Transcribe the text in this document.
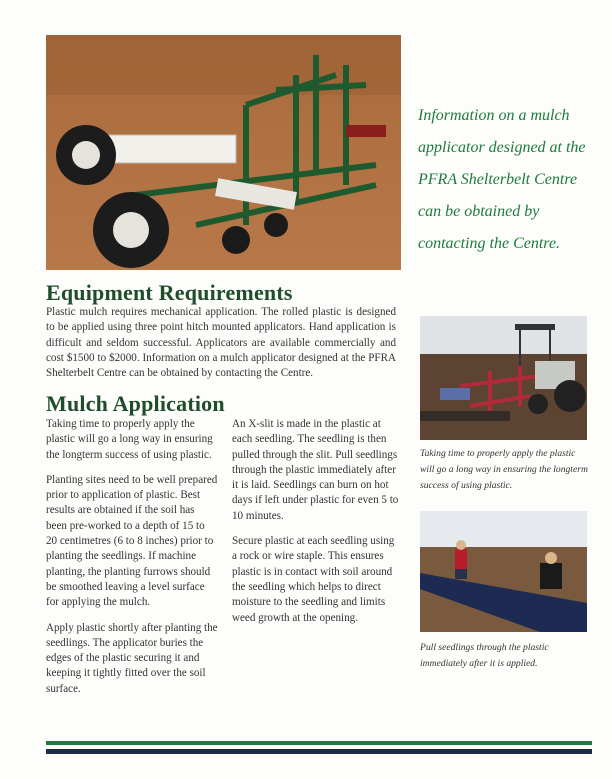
Information on a mulch applicator designed at the PFRA Shelterbelt Centre can be obtained by contacting the Centre.
Equipment Requirements

Plastic mulch requires mechanical application. The rolled plastic is designed to be applied using three point hitch mounted applicators. Hand application is difficult and seldom successful. Applicators are available commercially and cost $1500 to $2000. Information on a mulch applicator designed at the PFRA Shelterbelt Centre can be obtained by contacting the Centre.

Mulch Application

Taking time to properly apply the plastic will go a long way in ensuring the longterm success of using plastic.

Planting sites need to be well prepared prior to application of plastic. Best results are obtained if the soil has been pre-worked to a depth of 15 to 20 centimetres (6 to 8 inches) prior to planting the seedlings. If machine planting, the planting furrows should be smoothed leaving a level surface for applying the mulch.

Apply plastic shortly after planting the seedlings. The applicator buries the edges of the plastic securing it and keeping it tightly fitted over the soil surface.

An X-slit is made in the plastic at each seedling. The seedling is then pulled through the slit. Pull seedlings through the plastic immediately after it is laid. Seedlings can burn on hot days if left under plastic for even 5 to 10 minutes.

Secure plastic at each seedling using a rock or wire staple. This ensures plastic is in contact with soil around the seedling which helps to direct moisture to the seedling and limits weed growth at the opening.

Taking time to properly apply the plastic will go a long way in ensuring the longterm success of using plastic.
Pull seedlings through the plastic immediately after it is applied.
